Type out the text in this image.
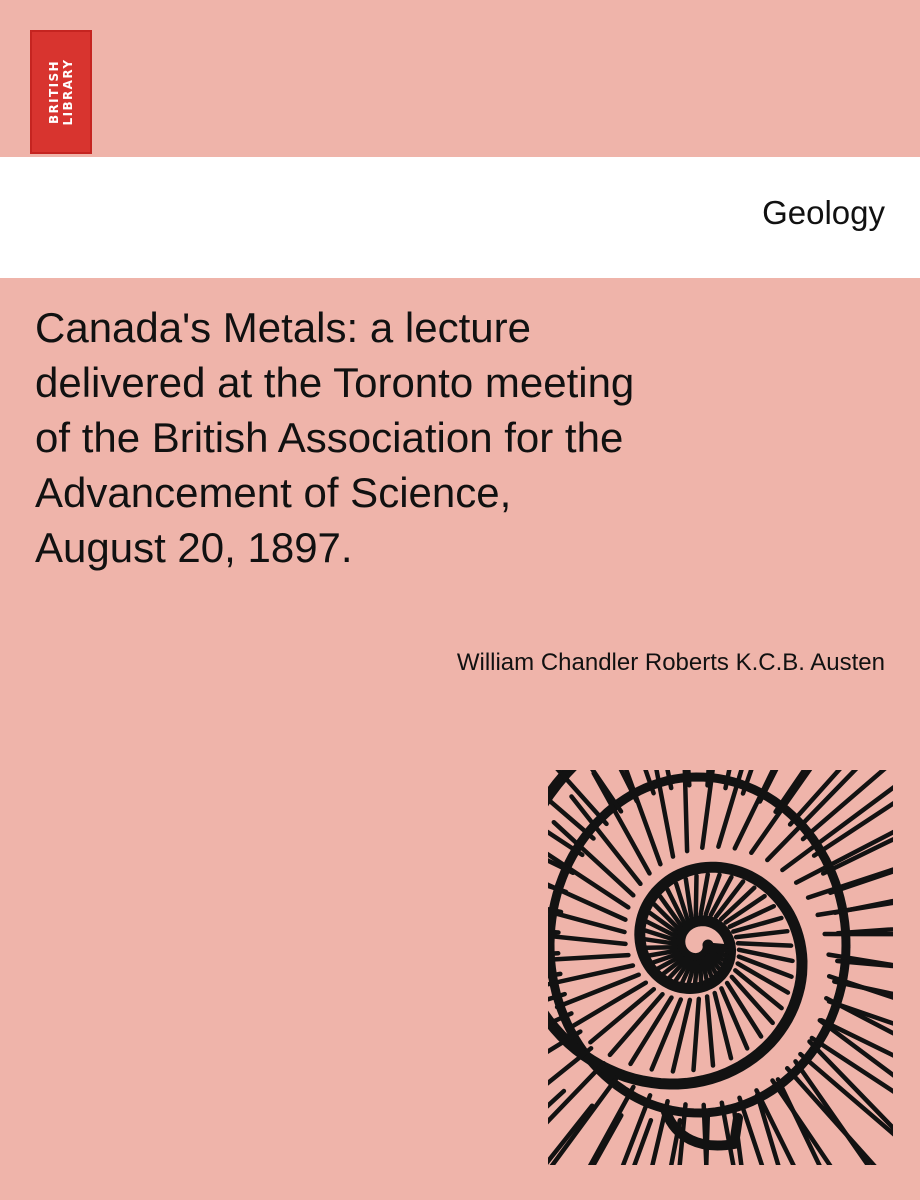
BRITISH LIBRARY
Geology
Canada's Metals: a lecture
delivered at the Toronto meeting
of the British Association for the
Advancement of Science,
August 20, 1897.
William Chandler Roberts K.C.B. Austen
